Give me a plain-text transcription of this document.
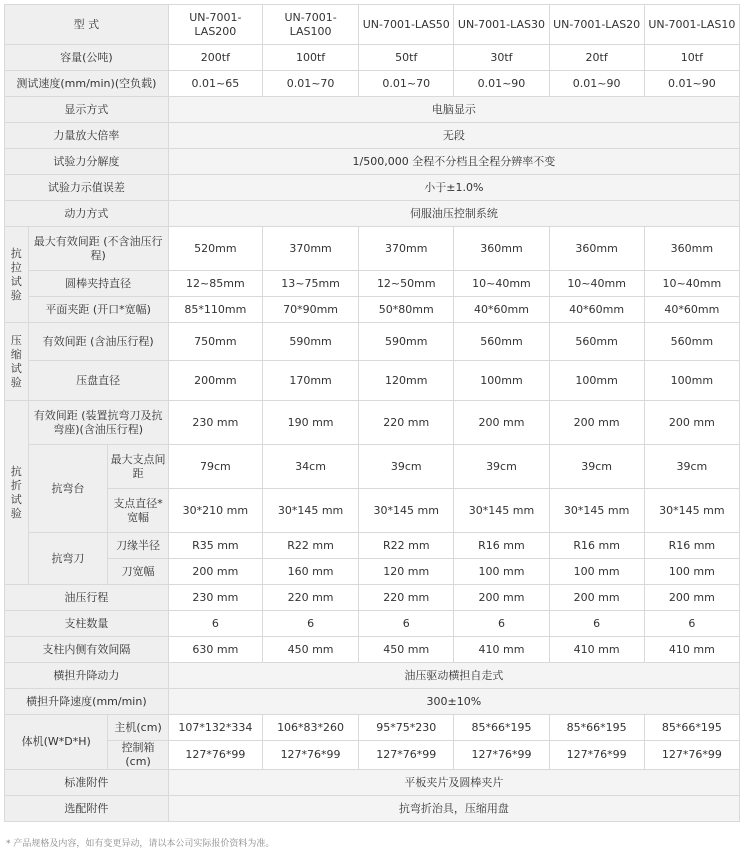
型 式			UN-7001-LAS200	UN-7001-LAS100	UN-7001-LAS50	UN-7001-LAS30	UN-7001-LAS20	UN-7001-LAS10
容量(公吨)			200tf	100tf	50tf	30tf	20tf	10tf
测试速度(mm/min)(空负载)			0.01~65	0.01~70	0.01~70	0.01~90	0.01~90	0.01~90
显示方式			电脑显示					
力量放大倍率			无段					
试验力分解度			1/500,000 全程不分档且全程分辨率不变					
试验力示值误差			小于±1.0%					
动力方式			伺服油压控制系统					
抗拉试验	最大有效间距 (不含油压行程)		520mm	370mm	370mm	360mm	360mm	360mm
	圆棒夹持直径		12~85mm	13~75mm	12~50mm	10~40mm	10~40mm	10~40mm
	平面夹距 (开口*宽幅)		85*110mm	70*90mm	50*80mm	40*60mm	40*60mm	40*60mm
压缩试验	有效间距 (含油压行程)		750mm	590mm	590mm	560mm	560mm	560mm
	压盘直径		200mm	170mm	120mm	100mm	100mm	100mm
抗折试验	有效间距 (装置抗弯刀及抗弯座)(含油压行程)		230 mm	190 mm	220 mm	200 mm	200 mm	200 mm
	抗弯台	最大支点间距	79cm	34cm	39cm	39cm	39cm	39cm
		支点直径*宽幅	30*210 mm	30*145 mm	30*145 mm	30*145 mm	30*145 mm	30*145 mm
	抗弯刀	刀缘半径	R35 mm	R22 mm	R22 mm	R16 mm	R16 mm	R16 mm
		刀宽幅	200 mm	160 mm	120 mm	100 mm	100 mm	100 mm
油压行程			230 mm	220 mm	220 mm	200 mm	200 mm	200 mm
支柱数量			6	6	6	6	6	6
支柱内侧有效间隔			630 mm	450 mm	450 mm	410 mm	410 mm	410 mm
横担升降动力			油压驱动横担自走式					
横担升降速度(mm/min)			300±10%					
体机(W*D*H)		主机(cm)	107*132*334	106*83*260	95*75*230	85*66*195	85*66*195	85*66*195
		控制箱(cm)	127*76*99	127*76*99	127*76*99	127*76*99	127*76*99	127*76*99
标准附件			平板夹片及圆棒夹片					
选配附件			抗弯折治具，压缩用盘					
* 产品规格及内容，如有变更异动，请以本公司实际报价资料为准。
